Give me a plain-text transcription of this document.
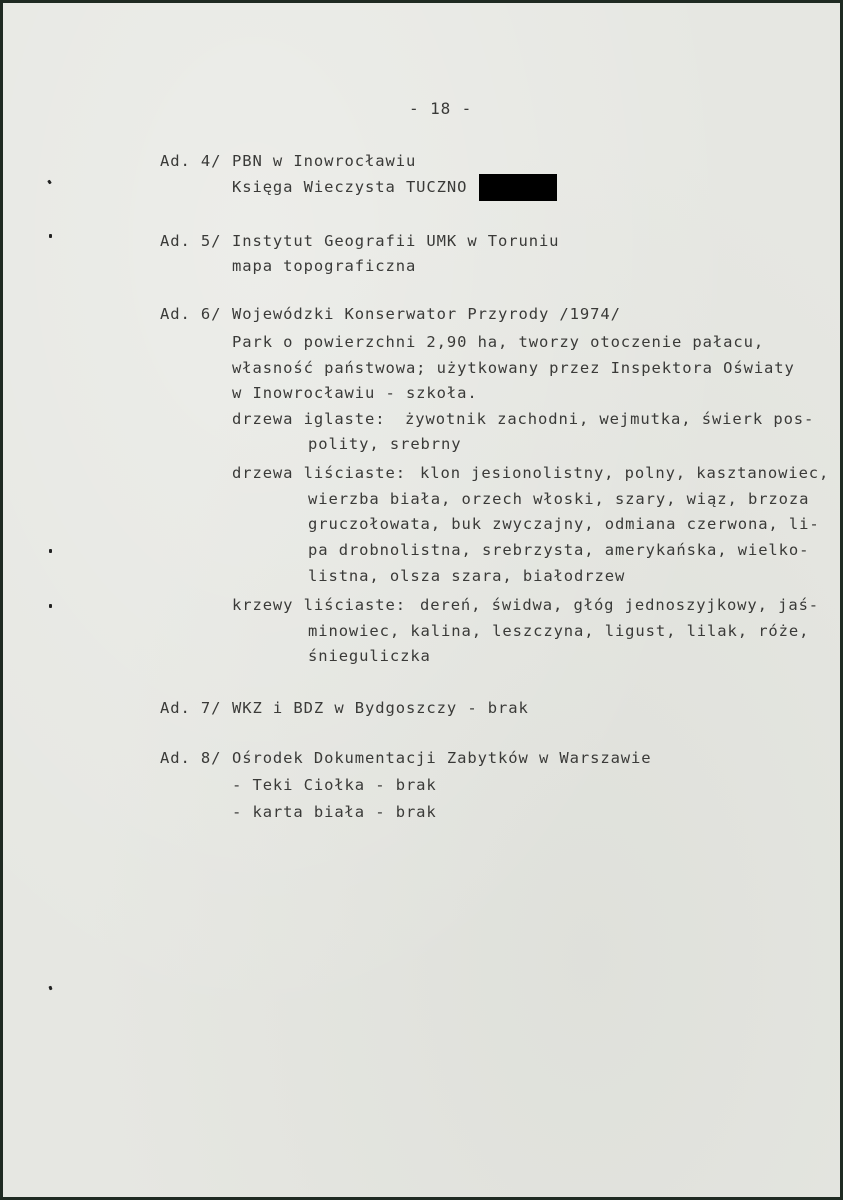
- 18 -
Ad. 4/ PBN w Inowrocławiu
Księga Wieczysta TUCZNO
Ad. 5/ Instytut Geografii UMK w Toruniu
mapa topograficzna
Ad. 6/ Wojewódzki Konserwator Przyrody /1974/
Park o powierzchni 2,90 ha, tworzy otoczenie pałacu,
własność państwowa; użytkowany przez Inspektora Oświaty
w Inowrocławiu - szkoła.
drzewa iglaste: żywotnik zachodni, wejmutka, świerk pos-
polity, srebrny
drzewa liściaste: klon jesionolistny, polny, kasztanowiec,
wierzba biała, orzech włoski, szary, wiąz, brzoza
gruczołowata, buk zwyczajny, odmiana czerwona, li-
pa drobnolistna, srebrzysta, amerykańska, wielko-
listna, olsza szara, białodrzew
krzewy liściaste: dereń, świdwa, głóg jednoszyjkowy, jaś-
minowiec, kalina, leszczyna, ligust, lilak, róże,
śnieguliczka
Ad. 7/ WKZ i BDZ w Bydgoszczy - brak
Ad. 8/ Ośrodek Dokumentacji Zabytków w Warszawie
- Teki Ciołka - brak
- karta biała - brak
